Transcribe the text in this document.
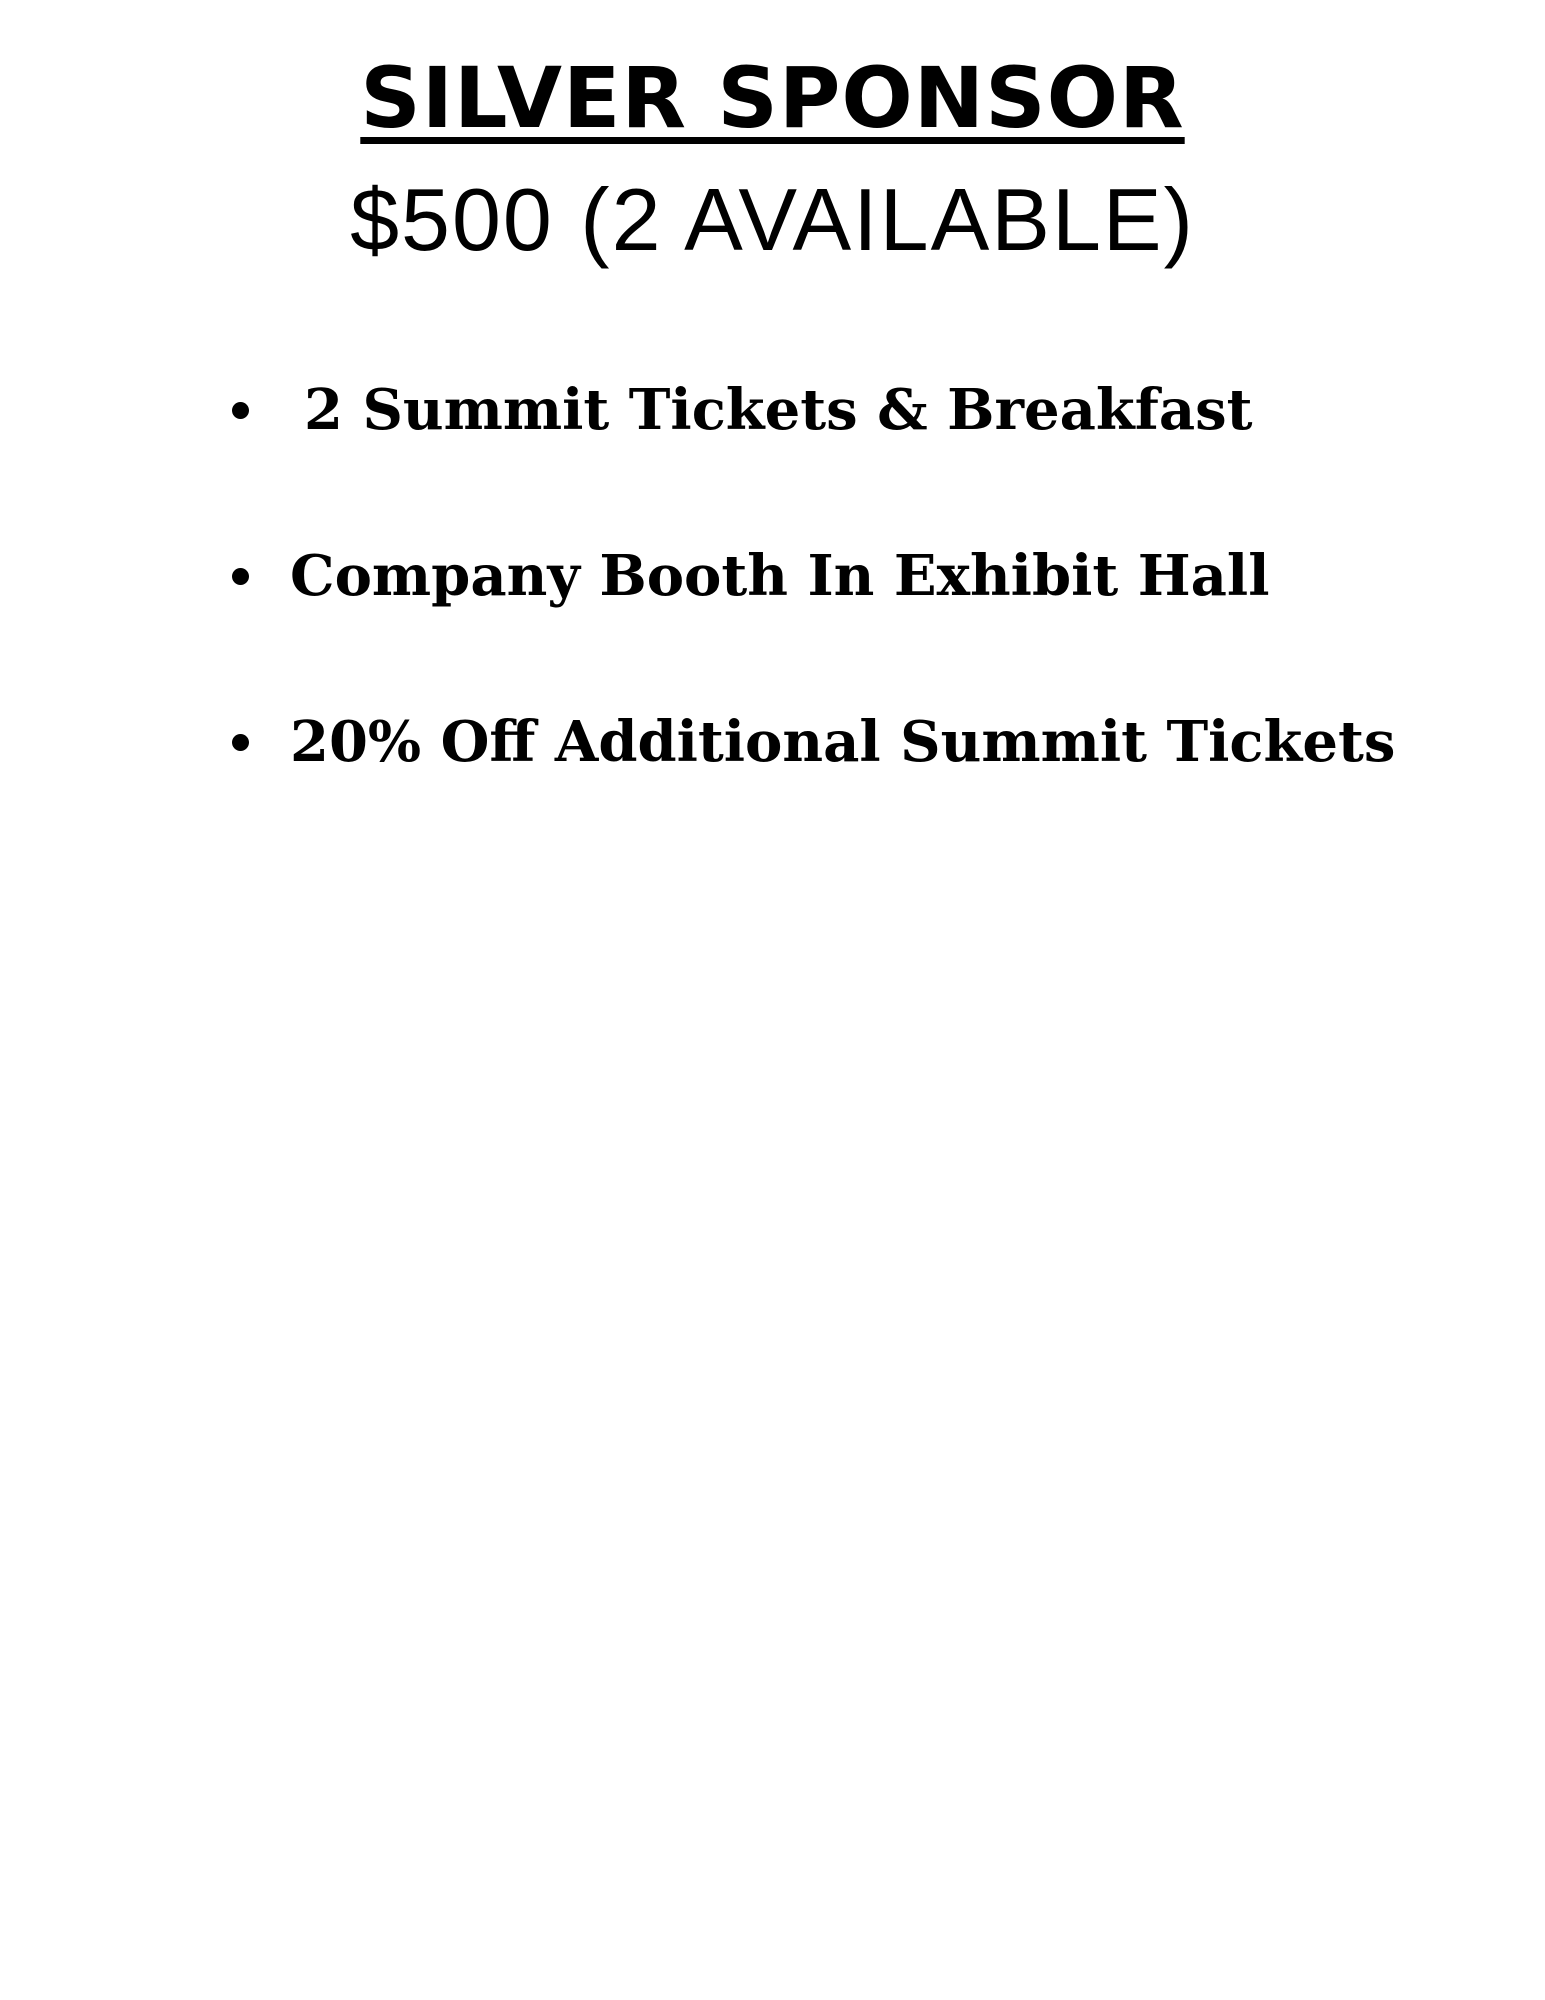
SILVER SPONSOR
$500 (2 AVAILABLE)
2 Summit Tickets & Breakfast
Company Booth In Exhibit Hall
20% Off Additional Summit Tickets
